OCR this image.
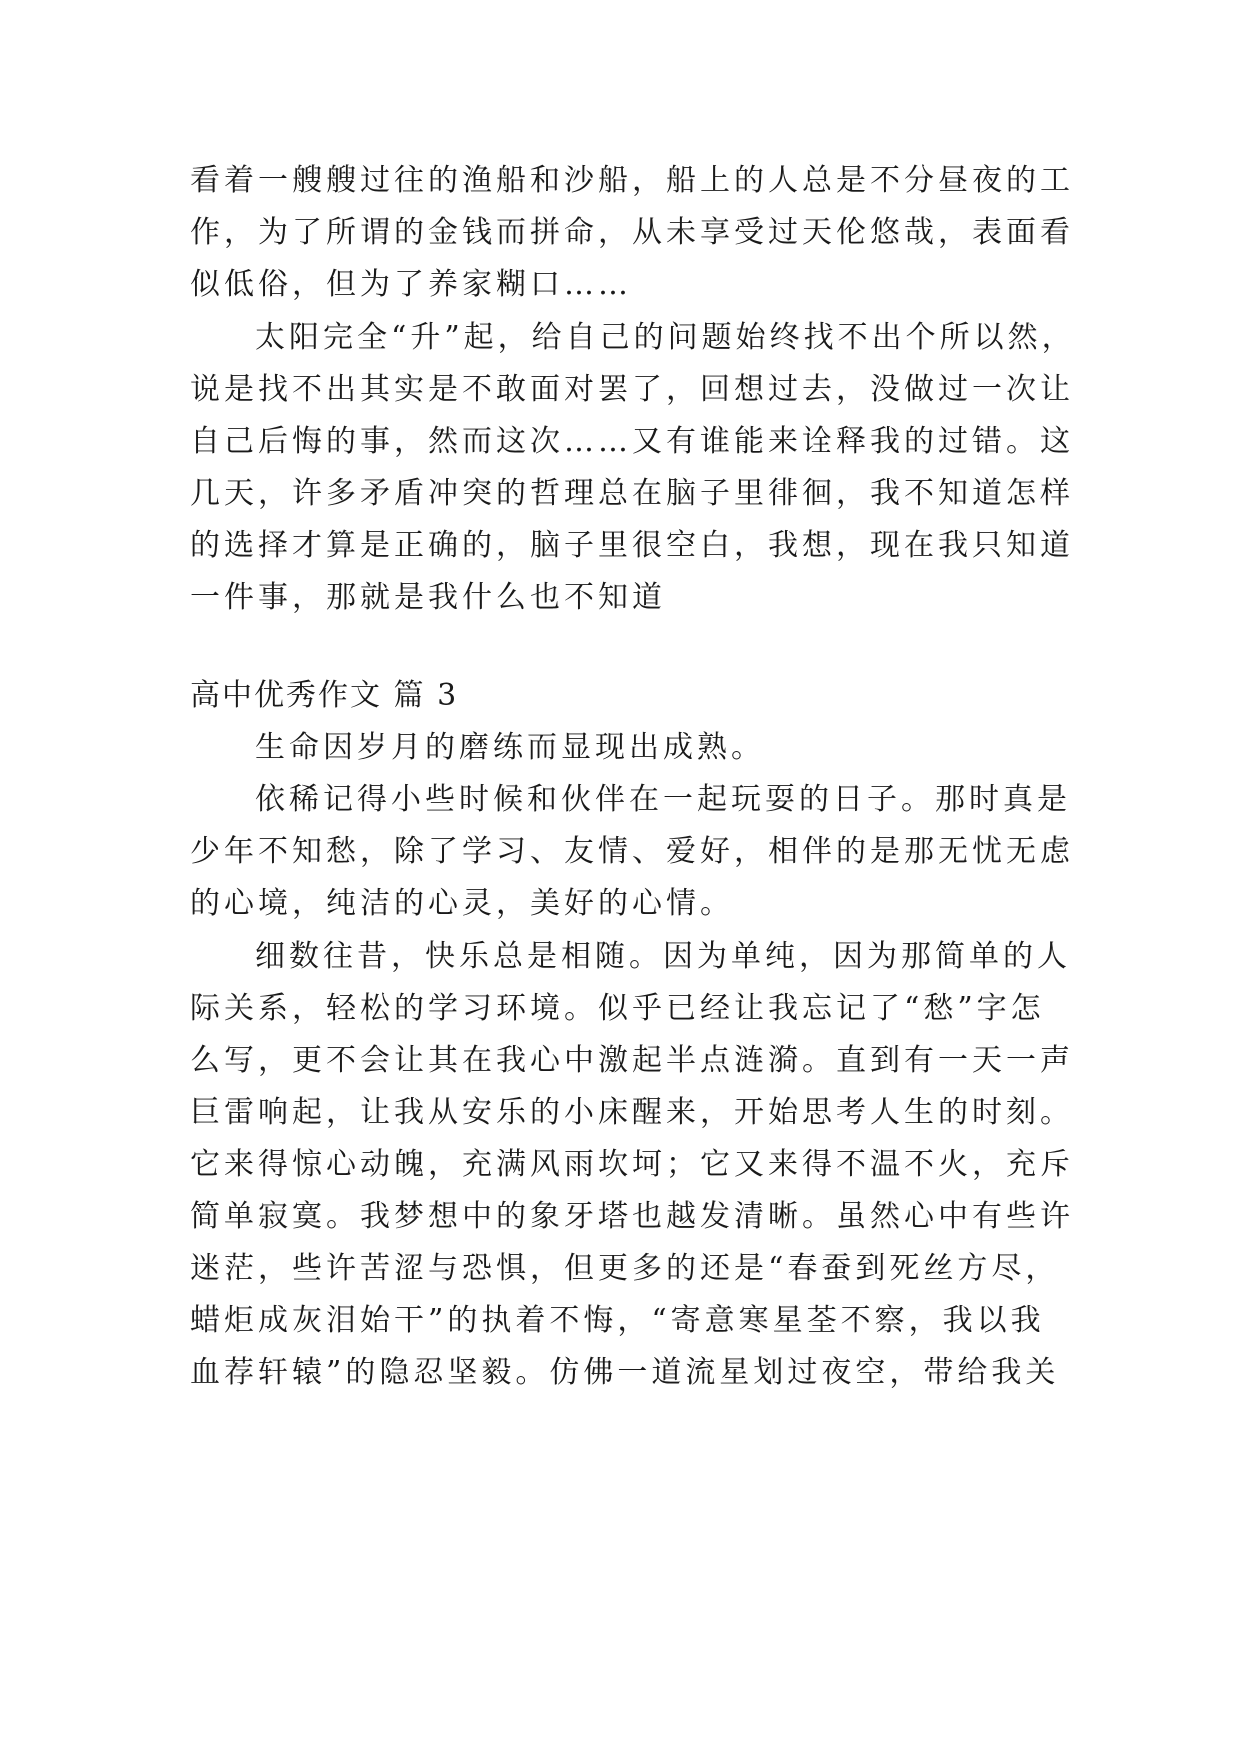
看着一艘艘过往的渔船和沙船，船上的人总是不分昼夜的工

作，为了所谓的金钱而拼命，从未享受过天伦悠哉，表面看

似低俗，但为了养家糊口……

太阳完全“升”起，给自己的问题始终找不出个所以然，

说是找不出其实是不敢面对罢了，回想过去，没做过一次让

自己后悔的事，然而这次……又有谁能来诠释我的过错。这

几天，许多矛盾冲突的哲理总在脑子里徘徊，我不知道怎样

的选择才算是正确的，脑子里很空白，我想，现在我只知道

一件事，那就是我什么也不知道

高中优秀作文 篇 3

生命因岁月的磨练而显现出成熟。

依稀记得小些时候和伙伴在一起玩耍的日子。那时真是

少年不知愁，除了学习、友情、爱好，相伴的是那无忧无虑

的心境，纯洁的心灵，美好的心情。

细数往昔，快乐总是相随。因为单纯，因为那简单的人

际关系，轻松的学习环境。似乎已经让我忘记了“愁”字怎

么写，更不会让其在我心中激起半点涟漪。直到有一天一声

巨雷响起，让我从安乐的小床醒来，开始思考人生的时刻。

它来得惊心动魄，充满风雨坎坷；它又来得不温不火，充斥

简单寂寞。我梦想中的象牙塔也越发清晰。虽然心中有些许

迷茫，些许苦涩与恐惧，但更多的还是“春蚕到死丝方尽，

蜡炬成灰泪始干”的执着不悔，“寄意寒星荃不察，我以我

血荐轩辕”的隐忍坚毅。仿佛一道流星划过夜空，带给我关
